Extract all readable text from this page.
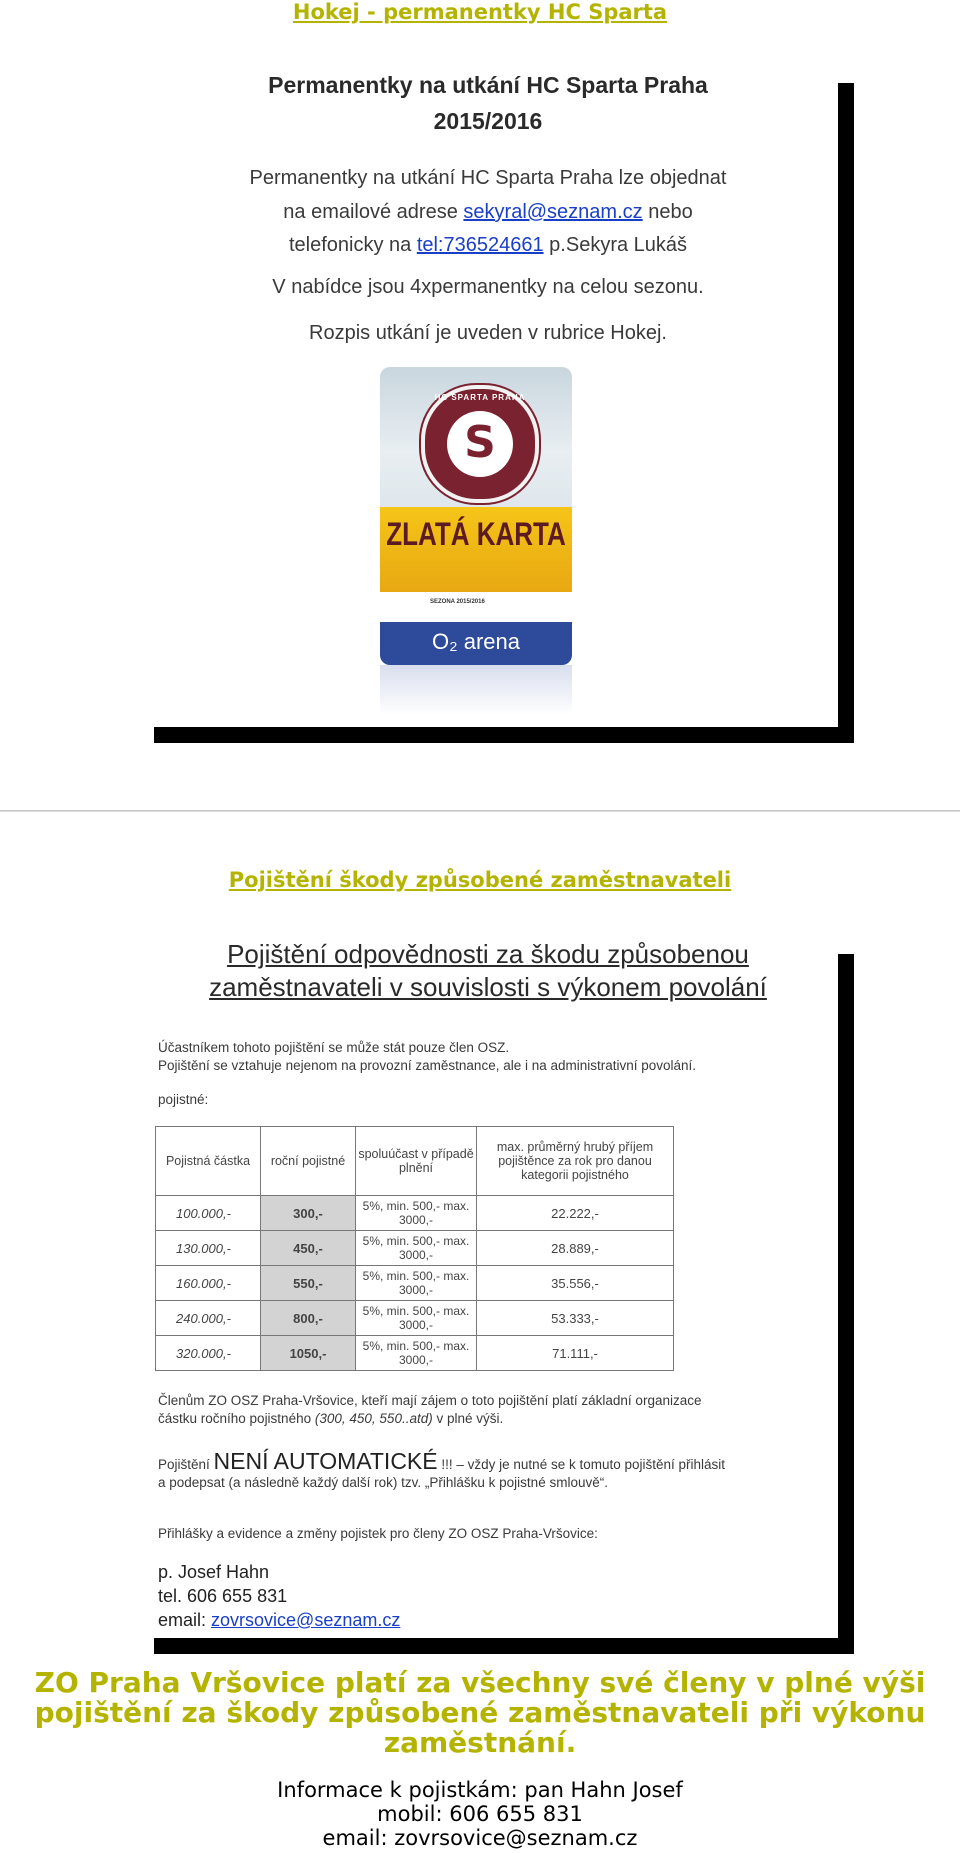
Hokej - permanentky HC Sparta
Permanentky na utkání HC Sparta Praha
2015/2016
Permanentky na utkání HC Sparta Praha lze objednat
na emailové adrese sekyral@seznam.cz nebo
telefonicky na tel:736524661 p.Sekyra Lukáš
V nabídce jsou 4xpermanentky na celou sezonu.
Rozpis utkání je uveden v rubrice Hokej.
HC SPARTA PRAHA
S
ZLATÁ KARTA
SEZONA 2015/2016
O₂ arena
Pojištění škody způsobené zaměstnavateli
Pojištění odpovědnosti za škodu způsobenou
zaměstnavateli v souvislosti s výkonem povolání
Účastníkem tohoto pojištění se může stát pouze člen OSZ.
Pojištění se vztahuje nejenom na provozní zaměstnance, ale i na administrativní povolání.
pojistné:
Pojistná částka	roční pojistné	spoluúčast v případě plnění	max. průměrný hrubý příjem pojištěnce za rok pro danou kategorii pojistného
100.000,-	300,-	5%, min. 500,- max. 3000,-	22.222,-
130.000,-	450,-	5%, min. 500,- max. 3000,-	28.889,-
160.000,-	550,-	5%, min. 500,- max. 3000,-	35.556,-
240.000,-	800,-	5%, min. 500,- max. 3000,-	53.333,-
320.000,-	1050,-	5%, min. 500,- max. 3000,-	71.111,-
Členům ZO OSZ Praha-Vršovice, kteří mají zájem o toto pojištění platí základní organizace
částku ročního pojistného (300, 450, 550..atd) v plné výši.
Pojištění NENÍ AUTOMATICKÉ !!! – vždy je nutné se k tomuto pojištění přihlásit
a podepsat (a následně každý další rok) tzv. „Přihlášku k pojistné smlouvě“.
Přihlášky a evidence a změny pojistek pro členy ZO OSZ Praha-Vršovice:
p. Josef Hahn
tel. 606 655 831
email: zovrsovice@seznam.cz
ZO Praha Vršovice platí za všechny své členy v plné výši
pojištění za škody způsobené zaměstnavateli při výkonu
zaměstnání.
Informace k pojistkám: pan Hahn Josef
mobil: 606 655 831
email: zovrsovice@seznam.cz
